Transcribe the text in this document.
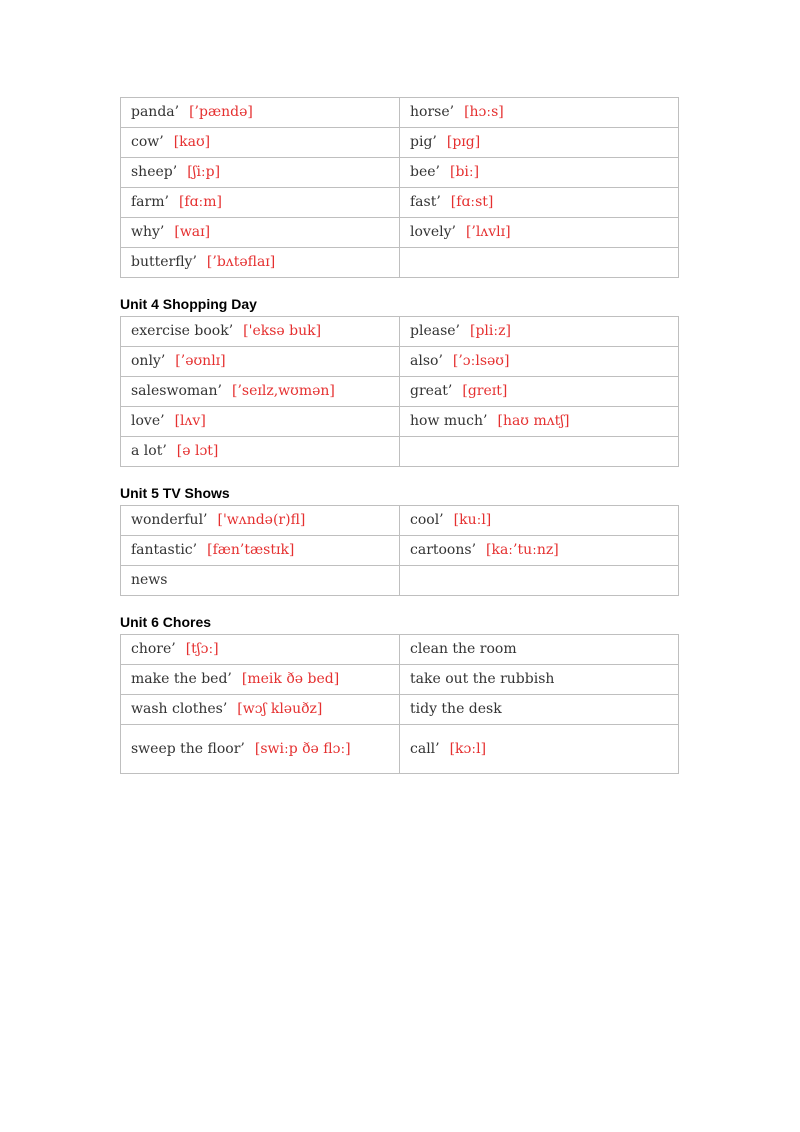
panda’ [’pændə]	horse’ [hɔːs]
cow’ [kaʊ]	pig’ [pɪg]
sheep’ [ʃiːp]	bee’ [biː]
farm’ [fɑːm]	fast’ [fɑːst]
why’ [waɪ]	lovely’ [’lʌvlɪ]
butterfly’ [’bʌtəflaɪ]	
Unit 4 Shopping Day
exercise book’ ['eksə buk]	please’ [pliːz]
only’ [’əʊnlɪ]	also’ [’ɔːlsəʊ]
saleswoman’ [’seɪlz,wʊmən]	great’ [greɪt]
love’ [lʌv]	how much’ [haʊ mʌtʃ]
a lot’ [ə lɔt]	
Unit 5 TV Shows
wonderful’ ['wʌndə(r)fl]	cool’ [kuːl]
fantastic’ [fæn’tæstɪk]	cartoons’ [kaː’tuːnz]
news	
Unit 6 Chores
chore’ [tʃɔː]	clean the room
make the bed’ [meik ðə bed]	take out the rubbish
wash clothes’ [wɔʃ kləuðz]	tidy the desk
sweep the floor’ [swiːp ðə flɔː]	call’ [kɔːl]
